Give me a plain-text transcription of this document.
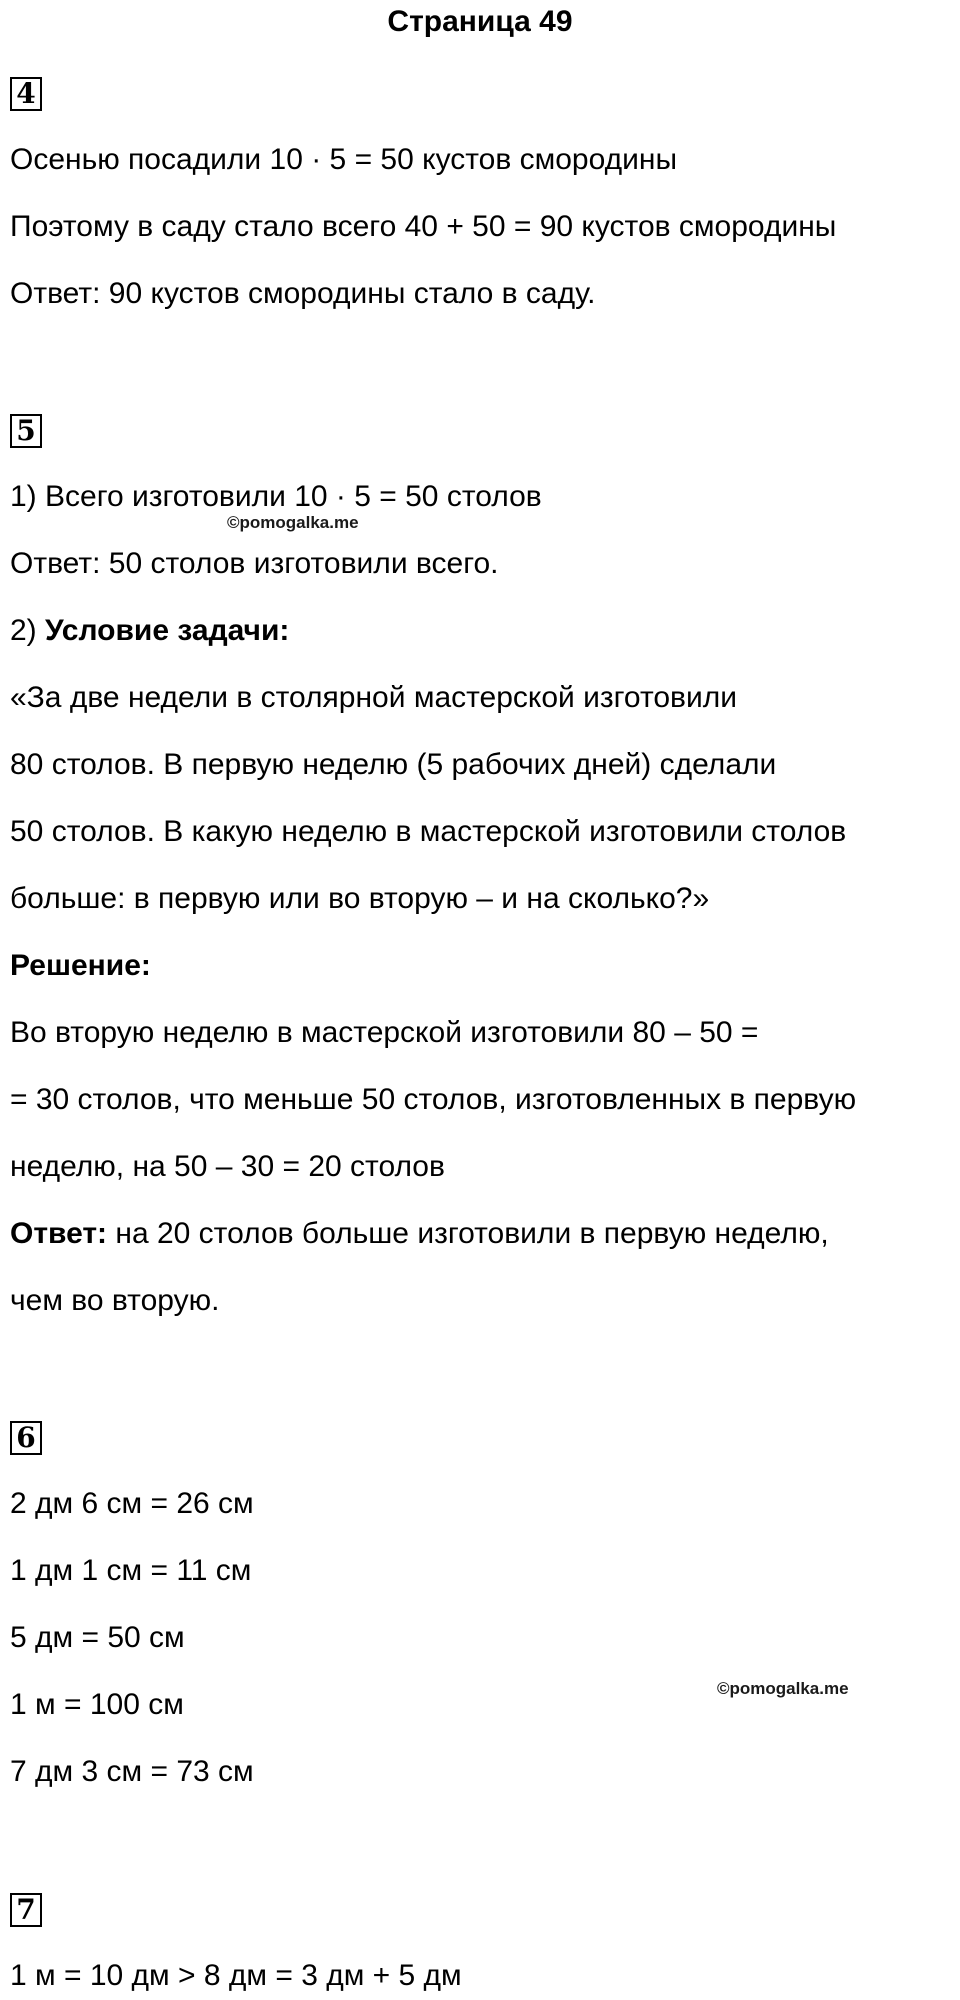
Страница 49
4
Осенью посадили 10 · 5 = 50 кустов смородины
Поэтому в саду стало всего 40 + 50 = 90 кустов смородины
Ответ: 90 кустов смородины стало в саду.
5
1) Всего изготовили 10 · 5 = 50 столов
©pomogalka.me
Ответ: 50 столов изготовили всего.
2) Условие задачи:
«За две недели в столярной мастерской изготовили
80 столов. В первую неделю (5 рабочих дней) сделали
50 столов. В какую неделю в мастерской изготовили столов
больше: в первую или во вторую – и на сколько?»
Решение:
Во вторую неделю в мастерской изготовили 80 – 50 =
= 30 столов, что меньше 50 столов, изготовленных в первую
неделю, на 50 – 30 = 20 столов
Ответ: на 20 столов больше изготовили в первую неделю,
чем во вторую.
6
2 дм 6 см = 26 см
1 дм 1 см = 11 см
5 дм = 50 см
©pomogalka.me
1 м = 100 см
7 дм 3 см = 73 см
7
1 м = 10 дм > 8 дм = 3 дм + 5 дм
